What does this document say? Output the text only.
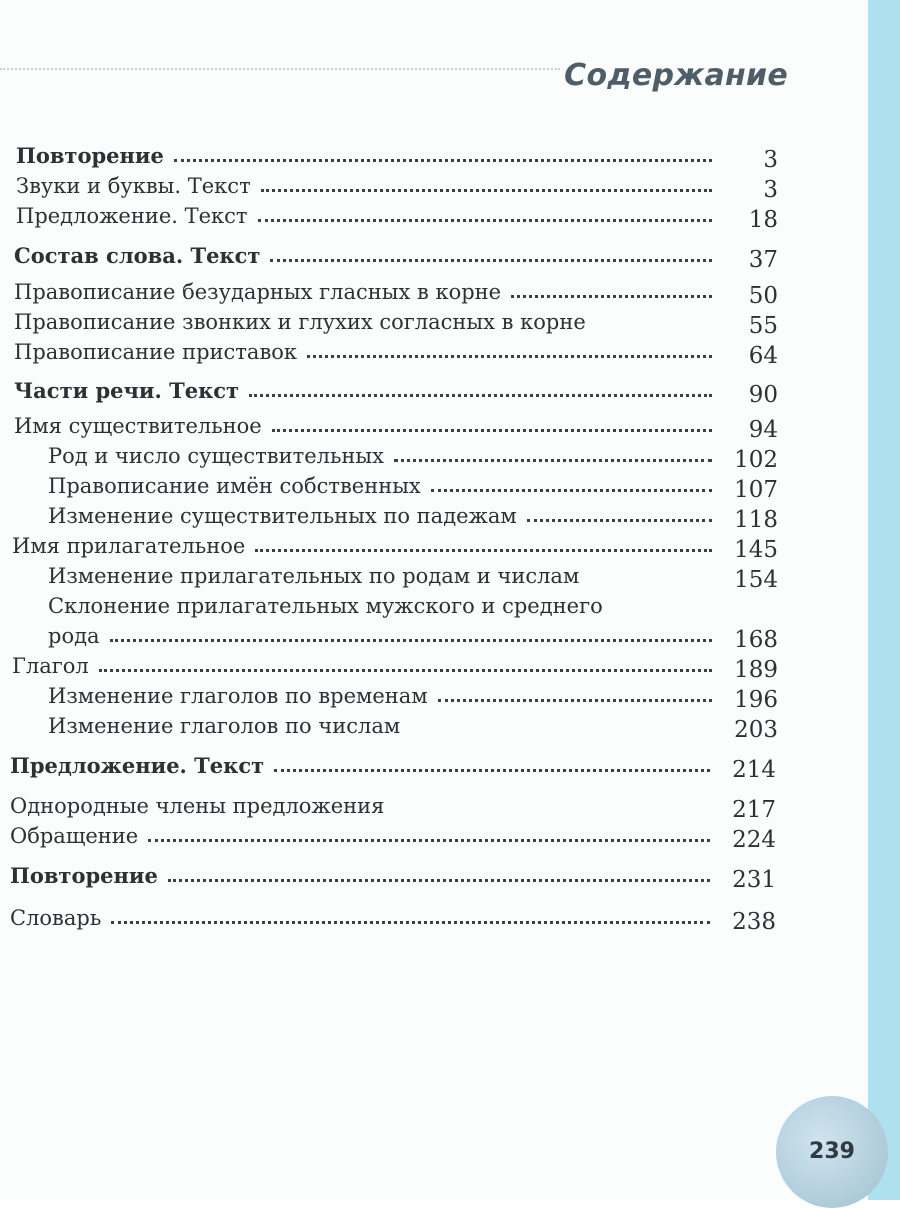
Содержание
Повторение	3
Звуки и буквы. Текст	3
Предложение. Текст	18
Состав слова. Текст	37
Правописание безударных гласных в корне	50
Правописание звонких и глухих согласных в корне	55
Правописание приставок	64
Части речи. Текст	90
Имя существительное	94
Род и число существительных	102
Правописание имён собственных	107
Изменение существительных по падежам	118
Имя прилагательное	145
Изменение прилагательных по родам и числам	154
Склонение прилагательных мужского и среднего
рода	168
Глагол	189
Изменение глаголов по временам	196
Изменение глаголов по числам	203
Предложение. Текст	214
Однородные члены предложения	217
Обращение	224
Повторение	231
Словарь	238
239
